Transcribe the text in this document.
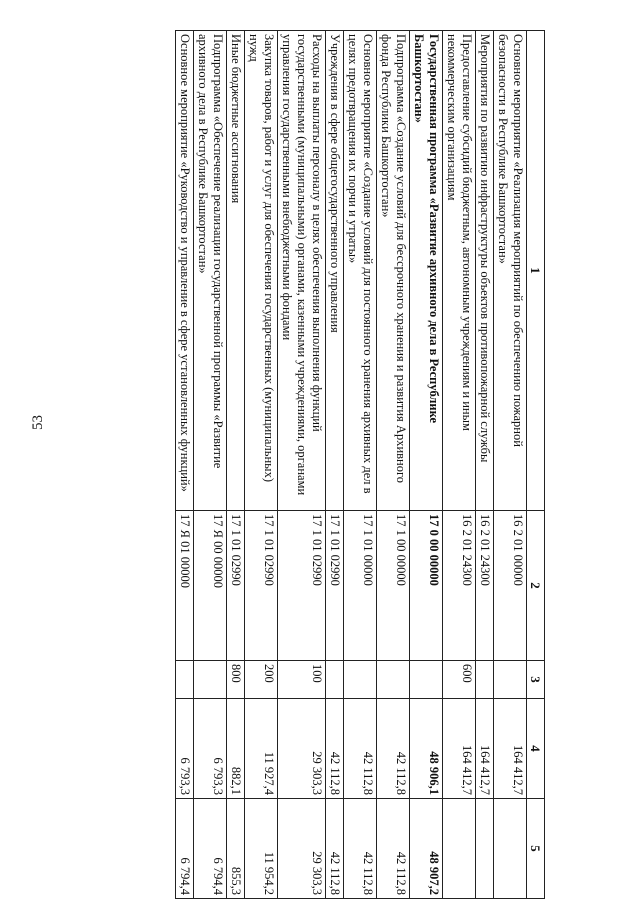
53
1	2	3	4	5
Основное мероприятие «Реализация мероприятий по обеспечению пожарной безопасности в Республике Башкортостан»	16 2 01 00000		164 412,7	
Мероприятия по развитию инфраструктуры объектов противопожарной службы	16 2 01 24300		164 412,7	
Предоставление субсидий бюджетным, автономным учреждениям и иным некоммерческим организациям	16 2 01 24300	600	164 412,7	
Государственная программа «Развитие архивного дела в Республике Башкортостан»	17 0 00 00000		48 906,1	48 907,2
Подпрограмма «Создание условий для бессрочного хранения и развития Архивного фонда Республики Башкортостан»	17 1 00 00000		42 112,8	42 112,8
Основное мероприятие «Создание условий для постоянного хранения архивных дел в целях предотвращения их порчи и утраты»	17 1 01 00000		42 112,8	42 112,8
Учреждения в сфере общегосударственного управления	17 1 01 02990		42 112,8	42 112,8
Расходы на выплаты персоналу в целях обеспечения выполнения функций государственными (муниципальными) органами, казенными учреждениями, органами управления государственными внебюджетными фондами	17 1 01 02990	100	29 303,3	29 303,3
Закупка товаров, работ и услуг для обеспечения государственных (муниципальных) нужд	17 1 01 02990	200	11 927,4	11 954,2
Иные бюджетные ассигнования	17 1 01 02990	800	882,1	855,3
Подпрограмма «Обеспечение реализации государственной программы «Развитие архивного дела в Республике Башкортостан»	17 Я 00 00000		6 793,3	6 794,4
Основное мероприятие «Руководство и управление в сфере установленных функций»	17 Я 01 00000		6 793,3	6 794,4
